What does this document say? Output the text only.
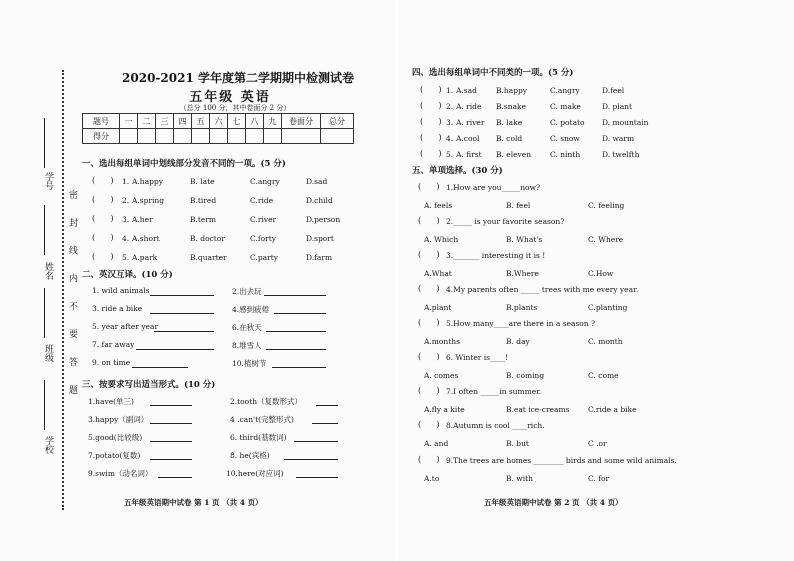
学校
班级
姓名
学号
密 封 线 内 不 要 答 题
2020-2021 学年度第二学期期中检测试卷
五年级 英语
（总分 100 分，其中卷面分 2 分）
题号	一	二	三	四	五	六	七	八	九	卷面分	总分
得分											
一、选出每组单词中划线部分发音不同的一项。(5 分)
(      ) 1. A.happy	B. late	C.angry	D.sad
(      ) 2. A.spring	B.tired	C.ride	D.child
(      ) 3. A.her	B.term	C.river	D.person
(      ) 4. A.short	B. doctor	C.forty	D.sport
(      ) 5. A.park	B.quarter	C.party	D.farm
二、英汉互译。(10 分)
1. wild animals	2.出去玩
3. ride a bike	4.感到疲倦
5. year after year	6.在秋天
7. far away	8.堆雪人
9. on time	10.植树节
三、按要求写出适当形式。(10 分)
1.have(单三)	2.tooth（复数形式）
3.happy（副词）	4 .can't(完整形式)
5.good(比较级)	6. third(基数词)
7.potato(复数)	8. he(宾格)
9.swim（动名词）	10.here(对应词)
五年级英语期中试卷 第 1 页 （共 4 页）
四、选出每组单词中不同类的一项。(5 分)
(      ) 1. A.sad	B.happy	C.angry	D.feel
(      ) 2. A. ride B.snake	C. make	D. plant
(      ) 3. A. river B. lake	C. potato D. mountain
(      ) 4. A.cool B. cold	C. snow	D. warm
(      ) 5. A. first B. eleven	C. ninth	D. twelfth
五、单项选择。(30 分)
(      ) 1.How are you_____now?
A. feels	B. feel	C. feeling
(      ) 2._____ is your favorite season?
A. Which	B. What's	C. Where
(      ) 3._______ interesting it is !
A.What	B.Where	C.How
(      ) 4.My parents often _____ trees with me every year.
A.plant	B.plants	C.planting
(      ) 5.How many____are there in a season ?
A.months	B. day	C. month
(      ) 6. Winter is____!
A. comes	B. coming	C. come
(      ) 7.I often _____in summer.
A.fly a kite	B.eat ice-creams C.ride a bike
(      ) 8.Autumn is cool ____rich.
A. and	B. but	C .or
(      ) 9.The trees are homes ________ birds and some wild animals.
A.to	B. with	C. for
五年级英语期中试卷 第 2 页 （共 4 页）
